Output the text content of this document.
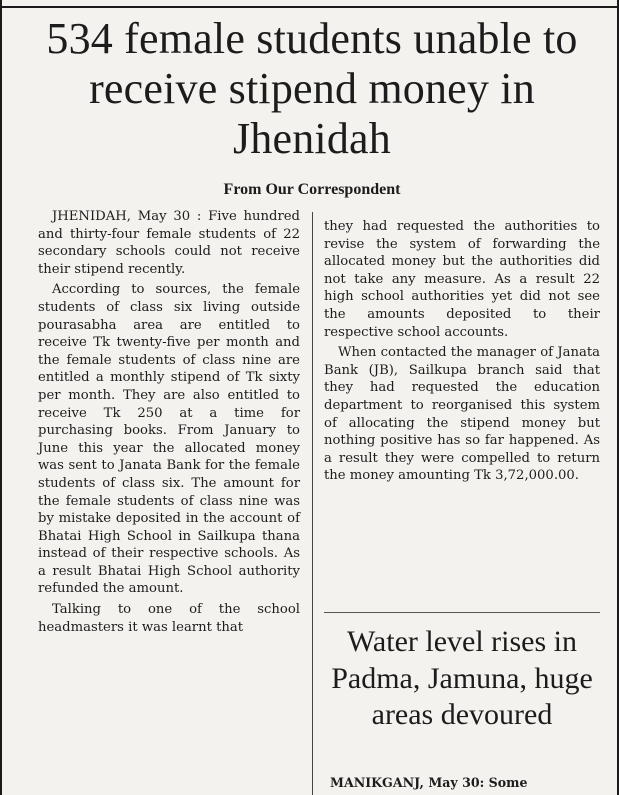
534 female students unable to receive stipend money in Jhenidah
From Our Correspondent

JHENIDAH, May 30 : Five hundred and thirty-four female students of 22 secondary schools could not receive their stipend recently.

According to sources, the female students of class six living outside pourasabha area are entitled to receive Tk twenty-five per month and the female students of class nine are entitled a monthly stipend of Tk sixty per month. They are also entitled to receive Tk 250 at a time for purchasing books. From January to June this year the allocated money was sent to Janata Bank for the female students of class six. The amount for the female students of class nine was by mistake deposited in the account of Bhatai High School in Sailkupa thana instead of their respective schools. As a result Bhatai High School authority refunded the amount.

Talking to one of the school headmasters it was learnt that

they had requested the authorities to revise the system of forwarding the allocated money but the authorities did not take any measure. As a result 22 high school authorities yet did not see the amounts deposited to their respective school accounts.

When contacted the manager of Janata Bank (JB), Sailkupa branch said that they had requested the education department to reorganised this system of allocating the stipend money but nothing positive has so far happened. As a result they were compelled to return the money amounting Tk 3,72,000.00.

Water level rises in Padma, Jamuna, huge areas devoured
MANIKGANJ, May 30: Some
